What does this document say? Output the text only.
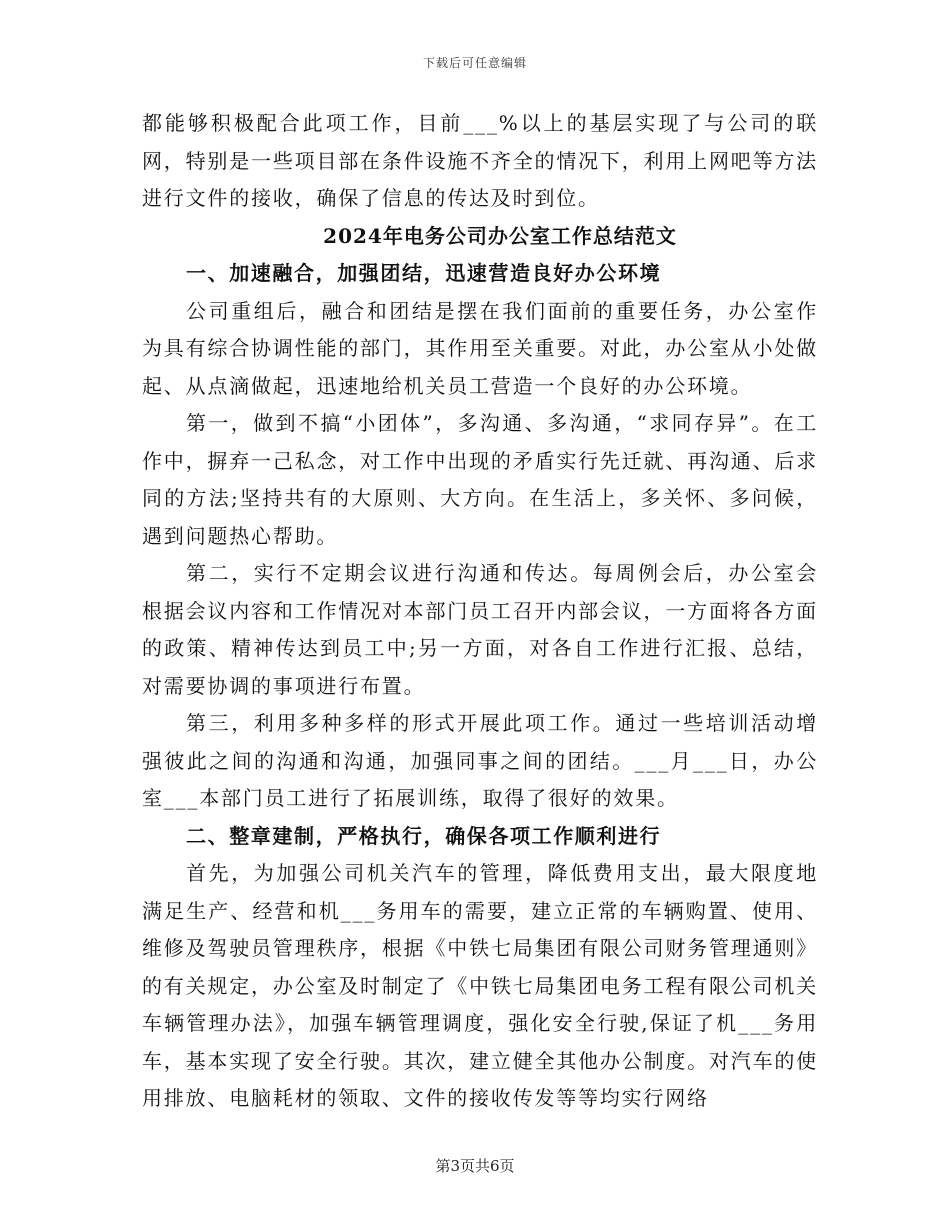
下载后可任意编辑

都能够积极配合此项工作，目前___%以上的基层实现了与公司的联网，特别是一些项目部在条件设施不齐全的情况下，利用上网吧等方法进行文件的接收，确保了信息的传达及时到位。

2024年电务公司办公室工作总结范文
一、加速融合，加强团结，迅速营造良好办公环境

公司重组后，融合和团结是摆在我们面前的重要任务，办公室作为具有综合协调性能的部门，其作用至关重要。对此，办公室从小处做起、从点滴做起，迅速地给机关员工营造一个良好的办公环境。

第一，做到不搞“小团体”，多沟通、多沟通，“求同存异”。在工作中，摒弃一己私念，对工作中出现的矛盾实行先迁就、再沟通、后求同的方法;坚持共有的大原则、大方向。在生活上，多关怀、多问候，遇到问题热心帮助。

第二，实行不定期会议进行沟通和传达。每周例会后，办公室会根据会议内容和工作情况对本部门员工召开内部会议，一方面将各方面的政策、精神传达到员工中;另一方面，对各自工作进行汇报、总结，对需要协调的事项进行布置。

第三，利用多种多样的形式开展此项工作。通过一些培训活动增强彼此之间的沟通和沟通，加强同事之间的团结。___月___日，办公室___本部门员工进行了拓展训练，取得了很好的效果。

二、整章建制，严格执行，确保各项工作顺利进行

首先，为加强公司机关汽车的管理，降低费用支出，最大限度地满足生产、经营和机___务用车的需要，建立正常的车辆购置、使用、维修及驾驶员管理秩序，根据《中铁七局集团有限公司财务管理通则》的有关规定，办公室及时制定了《中铁七局集团电务工程有限公司机关车辆管理办法》，加强车辆管理调度，强化安全行驶,保证了机___务用车，基本实现了安全行驶。其次，建立健全其他办公制度。对汽车的使用排放、电脑耗材的领取、文件的接收传发等等均实行网络

第3页共6页
